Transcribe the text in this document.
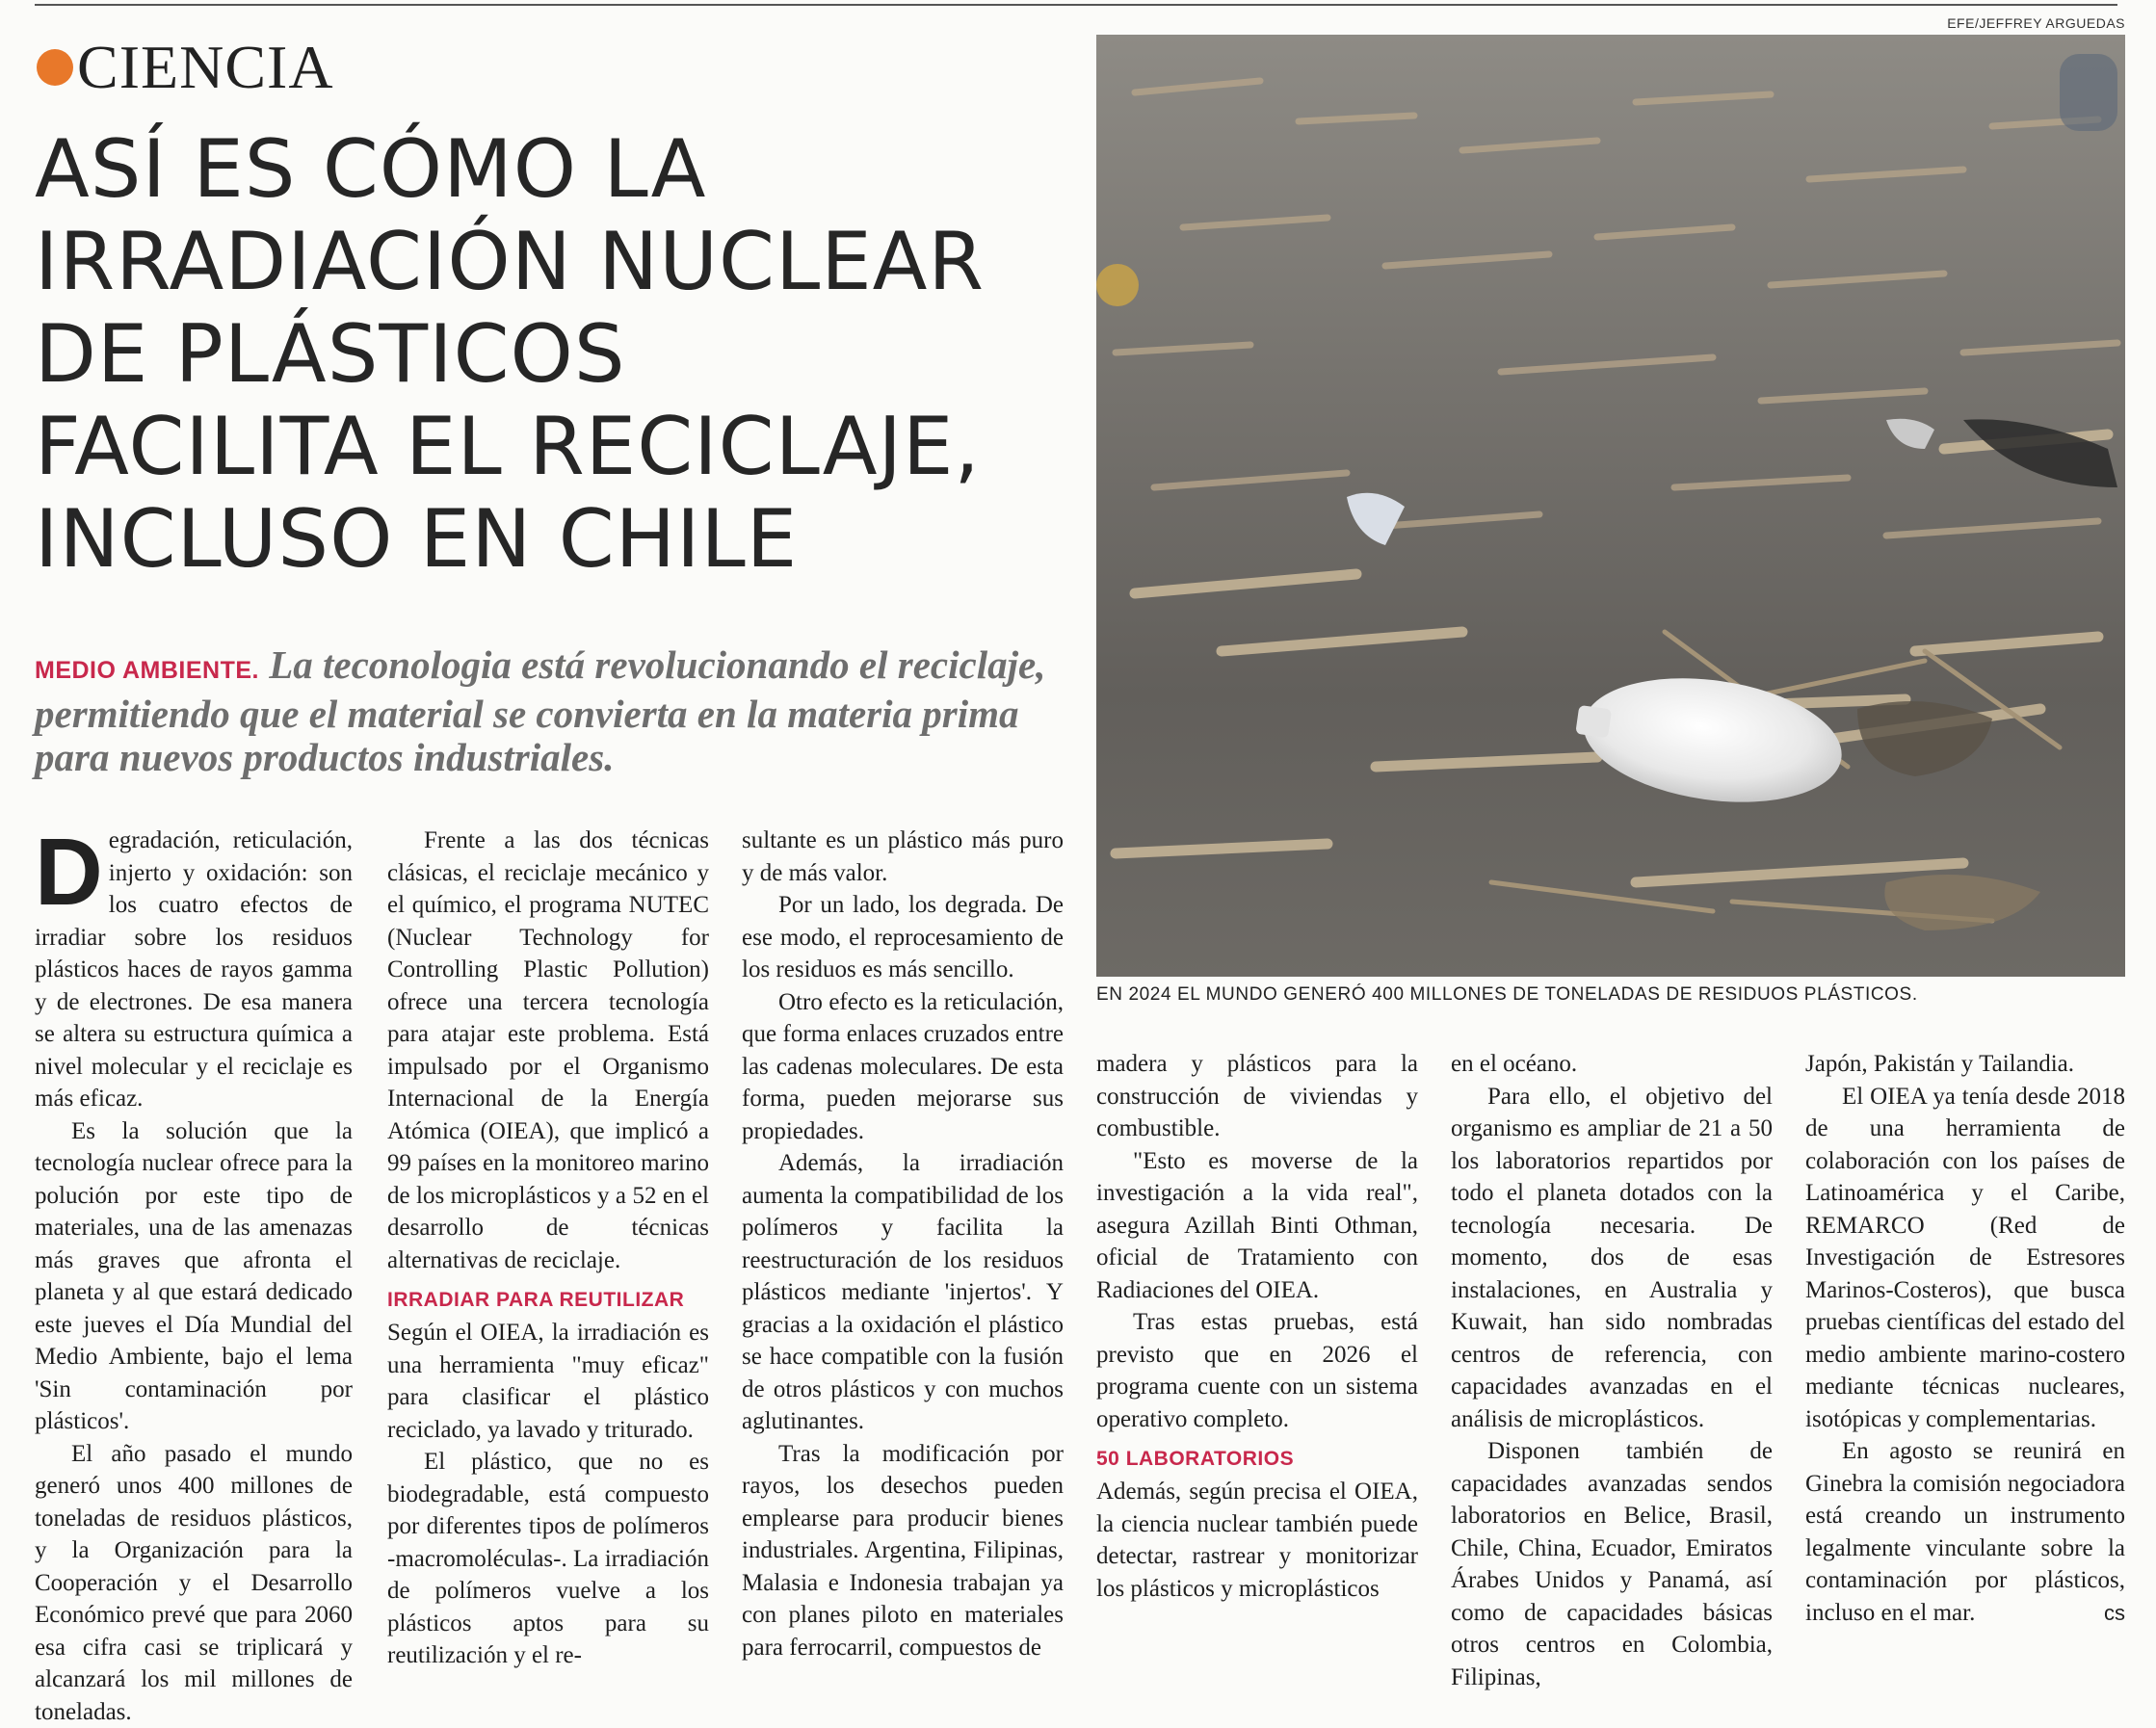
CIENCIA
ASÍ ES CÓMO LA
IRRADIACIÓN NUCLEAR
DE PLÁSTICOS
FACILITA EL RECICLAJE,
INCLUSO EN CHILE

MEDIO AMBIENTE. La teconologia está revolucionando el reciclaje, permitiendo que el material se convierta en la materia prima para nuevos productos industriales.

EFE/JEFFREY ARGUEDAS
EN 2024 EL MUNDO GENERÓ 400 MILLONES DE TONELADAS DE RESIDUOS PLÁSTICOS.

Degradación, reticulación, injerto y oxidación: son los cuatro efectos de irradiar sobre los residuos plásticos haces de rayos gamma y de electrones. De esa manera se altera su estructura química a nivel molecular y el reciclaje es más eficaz.

Es la solución que la tecnología nuclear ofrece para la polución por este tipo de materiales, una de las amenazas más graves que afronta el planeta y al que estará dedicado este jueves el Día Mundial del Medio Ambiente, bajo el lema 'Sin contaminación por plásticos'.

El año pasado el mundo generó unos 400 millones de toneladas de residuos plásticos, y la Organización para la Cooperación y el Desarrollo Económico prevé que para 2060 esa cifra casi se triplicará y alcanzará los mil millones de toneladas.

Frente a las dos técnicas clásicas, el reciclaje mecánico y el químico, el programa NUTEC (Nuclear Technology for Controlling Plastic Pollution) ofrece una tercera tecnología para atajar este problema. Está impulsado por el Organismo Internacional de la Energía Atómica (OIEA), que implicó a 99 países en la monitoreo marino de los microplásticos y a 52 en el desarrollo de técnicas alternativas de reciclaje.

IRRADIAR PARA REUTILIZAR

Según el OIEA, la irradiación es una herramienta "muy eficaz" para clasificar el plástico reciclado, ya lavado y triturado.

El plástico, que no es biodegradable, está compuesto por diferentes tipos de polímeros -macromoléculas-. La irradiación de polímeros vuelve a los plásticos aptos para su reutilización y el re-

sultante es un plástico más puro y de más valor.

Por un lado, los degrada. De ese modo, el reprocesamiento de los residuos es más sencillo.

Otro efecto es la reticulación, que forma enlaces cruzados entre las cadenas moleculares. De esta forma, pueden mejorarse sus propiedades.

Además, la irradiación aumenta la compatibilidad de los polímeros y facilita la reestructuración de los residuos plásticos mediante 'injertos'. Y gracias a la oxidación el plástico se hace compatible con la fusión de otros plásticos y con muchos aglutinantes.

Tras la modificación por rayos, los desechos pueden emplearse para producir bienes industriales. Argentina, Filipinas, Malasia e Indonesia trabajan ya con planes piloto en materiales para ferrocarril, compuestos de

madera y plásticos para la construcción de viviendas y combustible.

"Esto es moverse de la investigación a la vida real", asegura Azillah Binti Othman, oficial de Tratamiento con Radiaciones del OIEA.

Tras estas pruebas, está previsto que en 2026 el programa cuente con un sistema operativo completo.

50 LABORATORIOS

Además, según precisa el OIEA, la ciencia nuclear también puede detectar, rastrear y monitorizar los plásticos y microplásticos

en el océano.

Para ello, el objetivo del organismo es ampliar de 21 a 50 los laboratorios repartidos por todo el planeta dotados con la tecnología necesaria. De momento, dos de esas instalaciones, en Australia y Kuwait, han sido nombradas centros de referencia, con capacidades avanzadas en el análisis de microplásticos.

Disponen también de capacidades avanzadas sendos laboratorios en Belice, Brasil, Chile, China, Ecuador, Emiratos Árabes Unidos y Panamá, así como de capacidades básicas otros centros en Colombia, Filipinas,

Japón, Pakistán y Tailandia.

El OIEA ya tenía desde 2018 de una herramienta de colaboración con los países de Latinoamérica y el Caribe, REMARCO (Red de Investigación de Estresores Marinos-Costeros), que busca pruebas científicas del estado del medio ambiente marino-costero mediante técnicas nucleares, isotópicas y complementarias.

En agosto se reunirá en Ginebra la comisión negociadora está creando un instrumento legalmente vinculante sobre la contaminación por plásticos, incluso en el mar.	cs
